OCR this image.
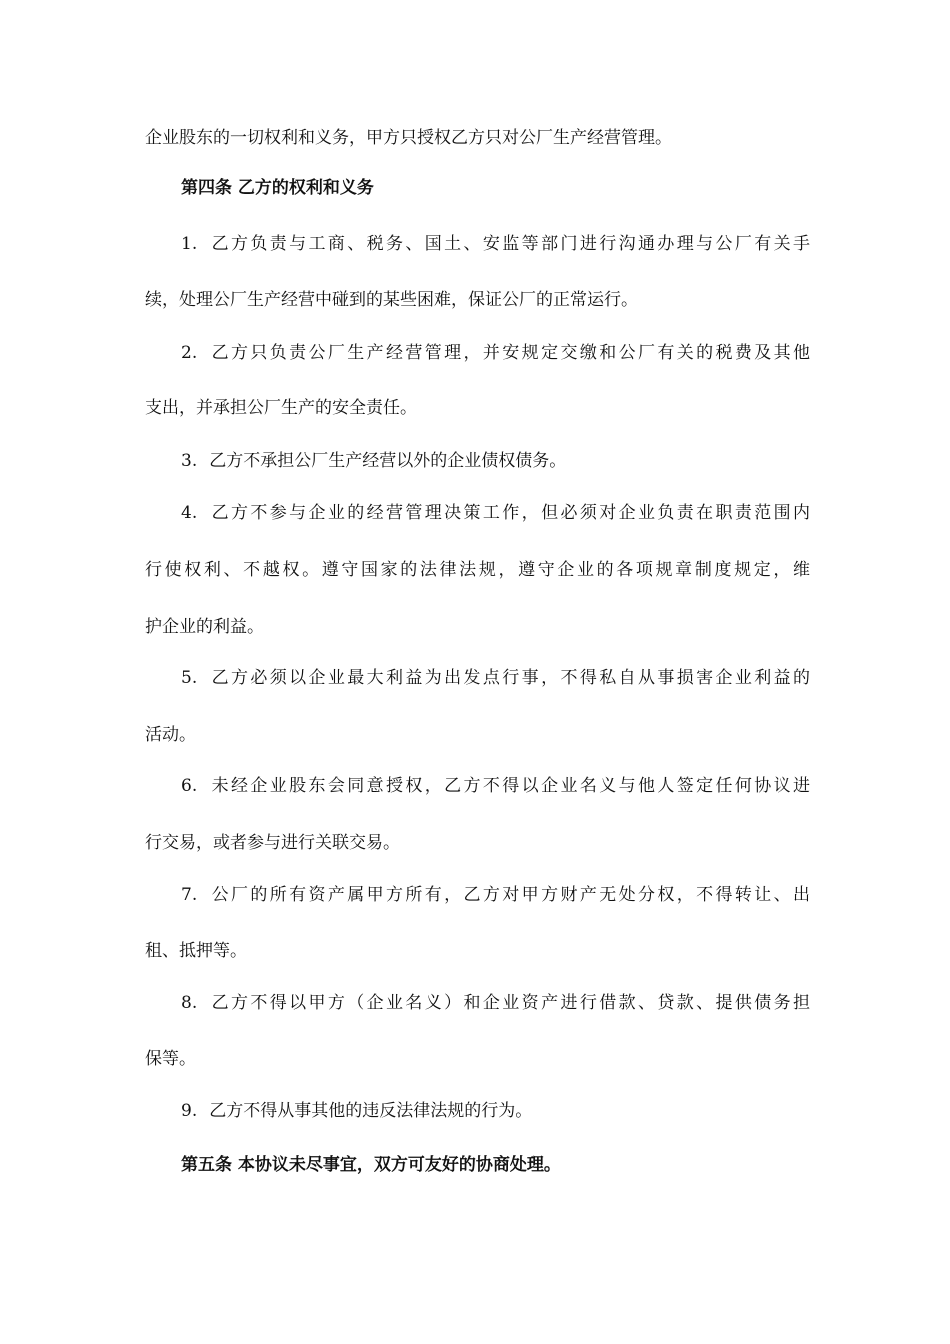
企业股东的一切权利和义务，甲方只授权乙方只对公厂生产经营管理。
第四条 乙方的权利和义务
1. 乙方负责与工商、税务、国土、安监等部门进行沟通办理与公厂有关手
续，处理公厂生产经营中碰到的某些困难，保证公厂的正常运行。
2. 乙方只负责公厂生产经营管理，并安规定交缴和公厂有关的税费及其他
支出，并承担公厂生产的安全责任。
3. 乙方不承担公厂生产经营以外的企业债权债务。
4. 乙方不参与企业的经营管理决策工作，但必须对企业负责在职责范围内
行使权利、不越权。遵守国家的法律法规，遵守企业的各项规章制度规定，维
护企业的利益。
5. 乙方必须以企业最大利益为出发点行事，不得私自从事损害企业利益的
活动。
6. 未经企业股东会同意授权，乙方不得以企业名义与他人签定任何协议进
行交易，或者参与进行关联交易。
7. 公厂的所有资产属甲方所有，乙方对甲方财产无处分权，不得转让、出
租、抵押等。
8. 乙方不得以甲方（企业名义）和企业资产进行借款、贷款、提供债务担
保等。
9. 乙方不得从事其他的违反法律法规的行为。
第五条 本协议未尽事宜，双方可友好的协商处理。
